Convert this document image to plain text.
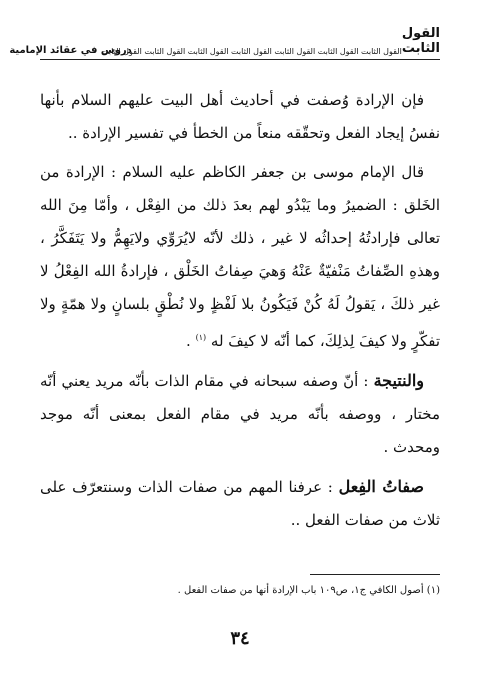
القول الثابت
القول الثابت القول الثابت القول الثابت القول الثابت القول الثابت القول الثابت القول الثابت
دروس في عقائد الإمامية

فإن الإرادة وُصفت في أحاديث أهل البيت عليهم السلام بأنها نفسُ إيجاد الفعل وتحقّقه منعاً من الخطأ في تفسير الإرادة ..

قال الإمام موسى بن جعفر الكاظم عليه السلام : الإرادة من الخَلق : الضميرُ وما يَبْدُو لهم بعدَ ذلك من الفِعْل ، وأمّا مِنَ الله تعالى فإرادتُهُ إحداثُه لا غير ، ذلك لأنّه لايُرَوِّي ولايَهِمُّ ولا يَتَفَكَّرُ ، وهذهِ الصِّفاتُ مَنْفيّةٌ عَنْهُ وَهيَ صِفاتُ الخَلْق ، فإرادةُ الله الفِعْلُ لا غير ذلكَ ، يَقولُ لَهُ كُنْ فَيَكُونُ بلا لَفْظٍ ولا نُطْقٍ بلسانٍ ولا همّةٍ ولا تفكّرٍ ولا كيفَ لِذلِكَ، كما أنّه لا كيفَ له $^{(١)}$ .

والنتيجة : أنّ وصفه سبحانه في مقام الذات بأنّه مريد يعني أنّه مختار ، ووصفه بأنّه مريد في مقام الفعل بمعنى أنّه موجد ومحدث .

صفاتُ الفِعل : عرفنا المهم من صفات الذات وسنتعرّف على ثلاث من صفات الفعل ..

(١) أصول الكافي ج١، ص١٠٩ باب الإرادة أنها من صفات الفعل .
٣٤
